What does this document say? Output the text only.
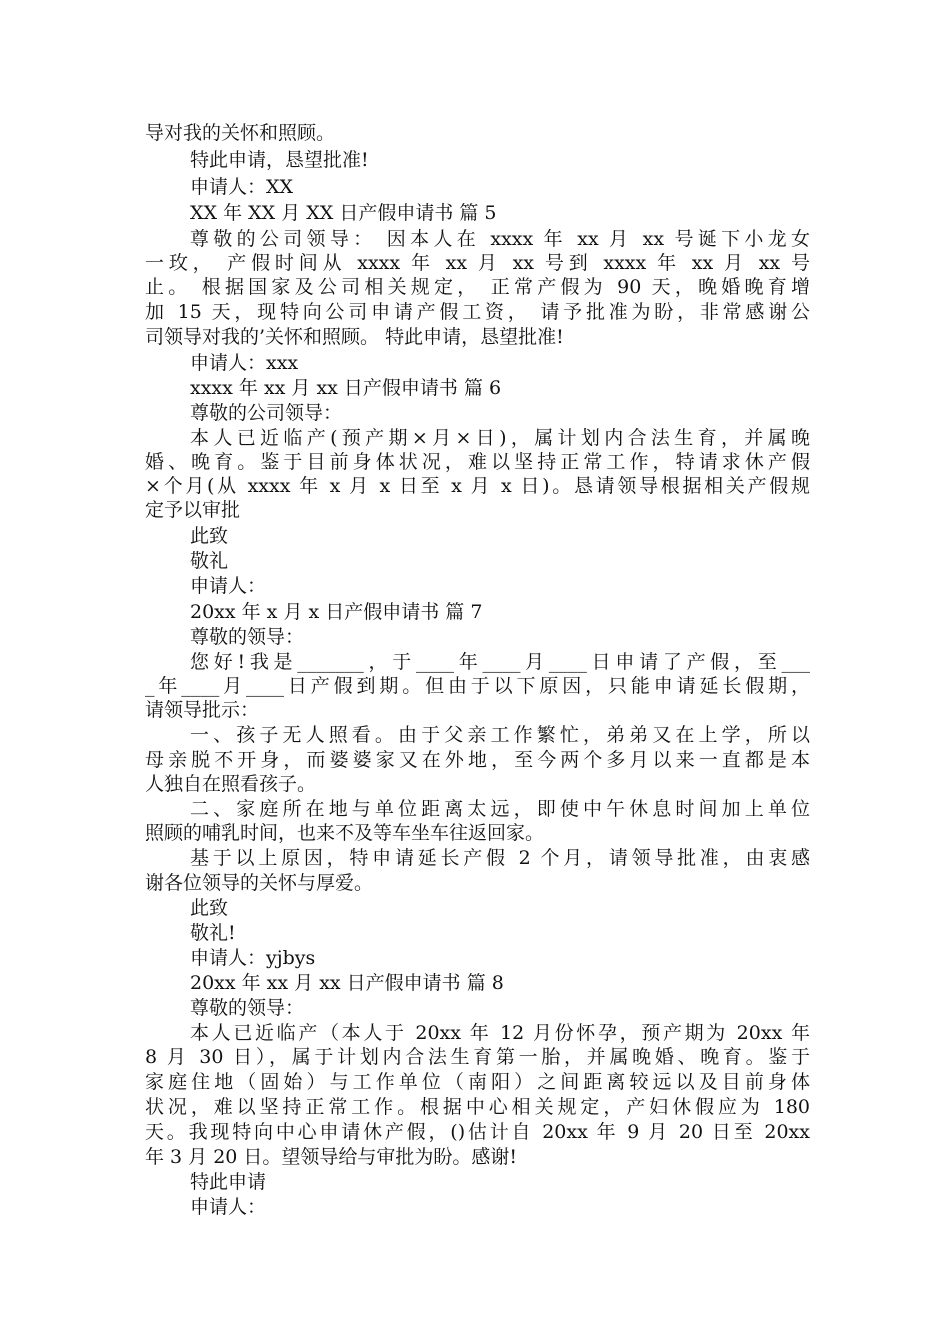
导对我的关怀和照顾。
特此申请，恳望批准!
申请人：XX
XX 年 XX 月 XX 日产假申请书 篇 5
尊敬的公司领导： 因本人在 xxxx 年 xx 月 xx 号诞下小龙女
一玫， 产假时间从 xxxx 年 xx 月 xx 号到 xxxx 年 xx 月 xx 号
止。 根据国家及公司相关规定， 正常产假为 90 天，晚婚晚育增
加 15 天，现特向公司申请产假工资， 请予批准为盼，非常感谢公
司领导对我的’关怀和照顾。 特此申请，恳望批准!
申请人：xxx
xxxx 年 xx 月 xx 日产假申请书 篇 6
尊敬的公司领导：
本人已近临产(预产期×月×日)，属计划内合法生育，并属晚
婚、晚育。鉴于目前身体状况，难以坚持正常工作，特请求休产假
×个月(从 xxxx 年 x 月 x 日至 x 月 x 日)。恳请领导根据相关产假规
定予以审批
此致
敬礼
申请人：
20xx 年 x 月 x 日产假申请书 篇 7
尊敬的领导：
您好!我是_______，于____年____月____日申请了产假，至___
_年____月____日产假到期。但由于以下原因，只能申请延长假期，
请领导批示：
一、孩子无人照看。由于父亲工作繁忙，弟弟又在上学，所以
母亲脱不开身，而婆婆家又在外地，至今两个多月以来一直都是本
人独自在照看孩子。
二、家庭所在地与单位距离太远，即使中午休息时间加上单位
照顾的哺乳时间，也来不及等车坐车往返回家。
基于以上原因，特申请延长产假 2 个月，请领导批准，由衷感
谢各位领导的关怀与厚爱。
此致
敬礼!
申请人：yjbys
20xx 年 xx 月 xx 日产假申请书 篇 8
尊敬的领导：
本人已近临产（本人于 20xx 年 12 月份怀孕，预产期为 20xx 年
8 月 30 日），属于计划内合法生育第一胎，并属晚婚、晚育。鉴于
家庭住地（固始）与工作单位（南阳）之间距离较远以及目前身体
状况，难以坚持正常工作。根据中心相关规定，产妇休假应为 180
天。我现特向中心申请休产假，()估计自 20xx 年 9 月 20 日至 20xx
年 3 月 20 日。望领导给与审批为盼。感谢!
特此申请
申请人：
